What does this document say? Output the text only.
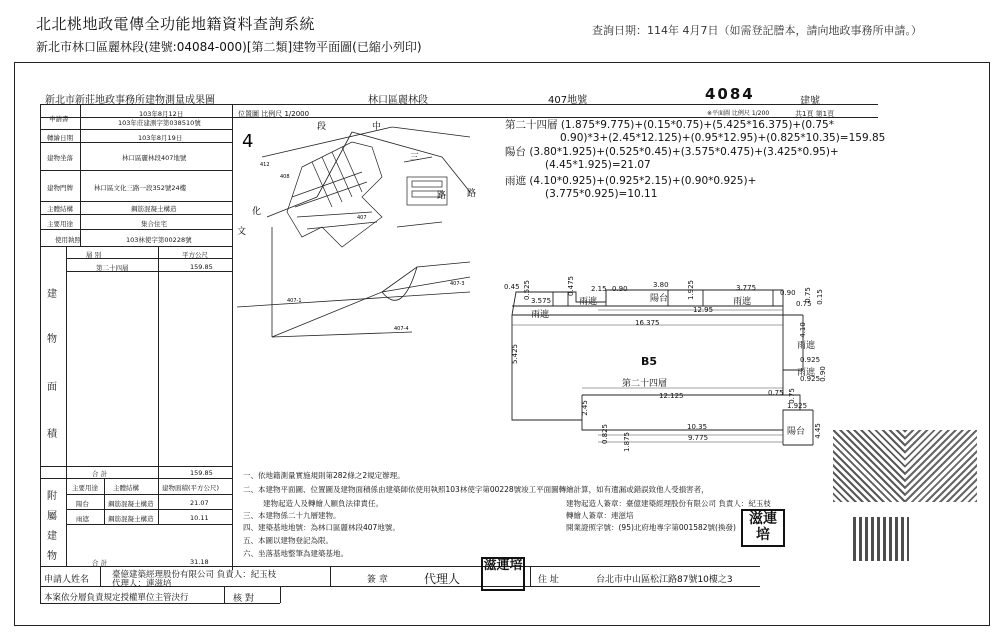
北北桃地政電傳全功能地籍資料查詢系統
新北市林口區麗林段(建號:04084-000)[第二類]建物平面圖(已縮小列印)
查詢日期：114年 4月7日（如需登記謄本，請向地政事務所申請。）
新北市新莊地政事務所建物測量成果圖	林口區麗林段	407地號	4084	建號
位置圖 比例尺 1/2000	※平面圖 比例尺 1/200	共1頁 第1頁
申請書
103年8月12日
103年莊建測字第038510號
轉繪日期	103年8月19日
建物坐落	林口區麗林段407地號
建物門牌	林口區文化三路一段352號24樓
主體結構	鋼筋混凝土構造
主要用途	集合住宅
使用執照	103林使字第00228號
層 別	平方公尺
第二十四層	159.85
建
物
面
積
合 計	159.85
附
屬
建
物
主要用途 主體結構	建物面積(平方公尺)
陽台	鋼筋混凝土構造	21.07
雨遮	鋼筋混凝土構造	10.11
合 計	31.18
4
段	中
三
路
化
文
路
412
408
407
407-3
407-1
407-4
第二十四層 (1.875*9.775)+(0.15*0.75)+(5.425*16.375)+(0.75*
0.90)*3+(2.45*12.125)+(0.95*12.95)+(0.825*10.35)=159.85
陽台 (3.80*1.925)+(0.525*0.45)+(3.575*0.475)+(3.425*0.95)+
(4.45*1.925)=21.07
雨遮 (4.10*0.925)+(0.925*2.15)+(0.90*0.925)+
(3.775*0.925)=10.11
0.45 0.525
3.575
雨遮
0.475
雨遮
2.15 0.90	3.80
陽台	1.925	3.775
雨遮
0.90 0.75 0.15
0.75
12.95
16.375
5.425
4.10
雨遮
0.925
雨遮 0.90
0.925
B5
第二十四層
12.125	0.75 0.75
1.925
2.45
10.35
9.775
0.825 1.875	陽台 4.45
一、依地籍測量實施規則第282條之2規定辦理。
二、本建物平面圖、位置圖及建物面積係由建築師依使用執照103林使字第00228號竣工平面圖轉繪計算，如有遺漏或錯誤致他人受損害者，
建物起造人及轉繪人願負法律責任。
三、本建物係二十九層建物。
四、建築基地地號：為林口區麗林段407地號。
五、本圖以建物登記為限。
六、坐落基地整筆為建築基地。
建物起造人簽章：臺億建築經理股份有限公司 負責人：紀玉枝
轉繪人簽章：連滋培
開業證照字號：(95)北府地專字第001582號(換發)
滋連培
申請人姓名	臺億建築經理股份有限公司 負責人：紀玉枝
代理人：連滋培	簽 章	代理人
滋連培
住 址	台北市中山區松江路87號10樓之3
本案依分層負責規定授權單位主管決行	核 對
